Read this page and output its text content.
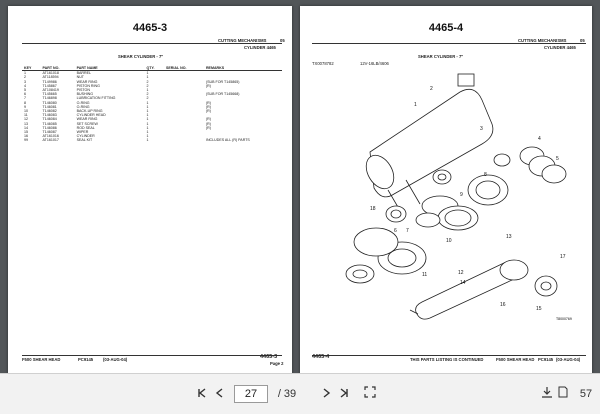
4465-3
CUTTING MECHANISMS	05
CYLINDER 4465
SHEAR CYLINDER - 7"
KEY	PART NO.	PART NAME	QTY.	SERIAL NO.	REMARKS
1	AT161018	BARREL	1		
2	AT118594	NUT	1		
3	T149986	WEAR RING	2		(SUB FOR T145865)
4	T145867	PISTON RING	2		(R)
5	AT108419	PISTON	1		
6	T145665	BUSHING	2		(SUB FOR T145668)
7	T146898	LUBRICATION FITTING	2		
8	T146080	O-RING	1		(R)
9	T146081	O-RING	1		(R)
10	T146082	BACK-UP RING	1		(R)
11	T146083	CYLINDER HEAD	1		
12	T146084	WEAR RING	1		(R)
13	T146085	SET SCREW	1		(R)
14	T146086	ROD SEAL	1		(R)
15	T146087	WIPER	1		
16	AT161016	CYLINDER	1		
99	AT161017	SEAL KIT	1		INCLUDES ALL (R) PARTS
F500 SHEAR HEAD	PC9145 (03-AUG-04)	4465-3
Page 2
4465-4
CUTTING MECHANISMS	05
CYLINDER 4465
SHEAR CYLINDER - 7"
TX0078782	12V-16LB/4606
1
2
3
4
5
6 7
8
9
10
11	12
13
14
15
16
17
18
T8000769
4465-4	THIS PARTS LISTING IS CONTINUED	F500 SHEAR HEAD PC9145 (03-AUG-04)
27	/ 39	57
